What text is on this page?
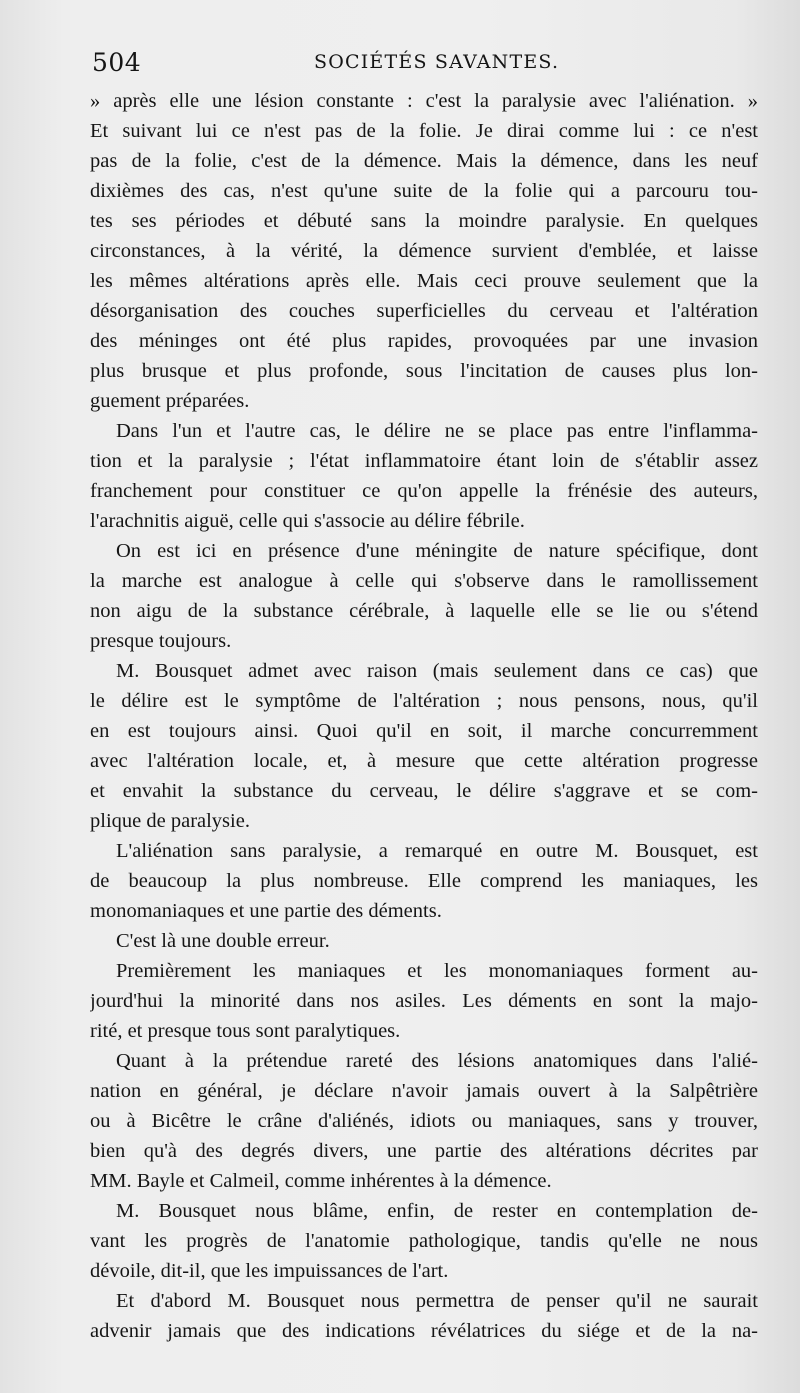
504	SOCIÉTÉS SAVANTES.
» après elle une lésion constante : c'est la paralysie avec l'aliénation. »
Et suivant lui ce n'est pas de la folie. Je dirai comme lui : ce n'est
pas de la folie, c'est de la démence. Mais la démence, dans les neuf
dixièmes des cas, n'est qu'une suite de la folie qui a parcouru tou-
tes ses périodes et débuté sans la moindre paralysie. En quelques
circonstances, à la vérité, la démence survient d'emblée, et laisse
les mêmes altérations après elle. Mais ceci prouve seulement que la
désorganisation des couches superficielles du cerveau et l'altération
des méninges ont été plus rapides, provoquées par une invasion
plus brusque et plus profonde, sous l'incitation de causes plus lon-
guement préparées.
Dans l'un et l'autre cas, le délire ne se place pas entre l'inflamma-
tion et la paralysie ; l'état inflammatoire étant loin de s'établir assez
franchement pour constituer ce qu'on appelle la frénésie des auteurs,
l'arachnitis aiguë, celle qui s'associe au délire fébrile.
On est ici en présence d'une méningite de nature spécifique, dont
la marche est analogue à celle qui s'observe dans le ramollissement
non aigu de la substance cérébrale, à laquelle elle se lie ou s'étend
presque toujours.
M. Bousquet admet avec raison (mais seulement dans ce cas) que
le délire est le symptôme de l'altération ; nous pensons, nous, qu'il
en est toujours ainsi. Quoi qu'il en soit, il marche concurremment
avec l'altération locale, et, à mesure que cette altération progresse
et envahit la substance du cerveau, le délire s'aggrave et se com-
plique de paralysie.
L'aliénation sans paralysie, a remarqué en outre M. Bousquet, est
de beaucoup la plus nombreuse. Elle comprend les maniaques, les
monomaniaques et une partie des déments.
C'est là une double erreur.
Premièrement les maniaques et les monomaniaques forment au-
jourd'hui la minorité dans nos asiles. Les déments en sont la majo-
rité, et presque tous sont paralytiques.
Quant à la prétendue rareté des lésions anatomiques dans l'alié-
nation en général, je déclare n'avoir jamais ouvert à la Salpêtrière
ou à Bicêtre le crâne d'aliénés, idiots ou maniaques, sans y trouver,
bien qu'à des degrés divers, une partie des altérations décrites par
MM. Bayle et Calmeil, comme inhérentes à la démence.
M. Bousquet nous blâme, enfin, de rester en contemplation de-
vant les progrès de l'anatomie pathologique, tandis qu'elle ne nous
dévoile, dit-il, que les impuissances de l'art.
Et d'abord M. Bousquet nous permettra de penser qu'il ne saurait
advenir jamais que des indications révélatrices du siége et de la na-
